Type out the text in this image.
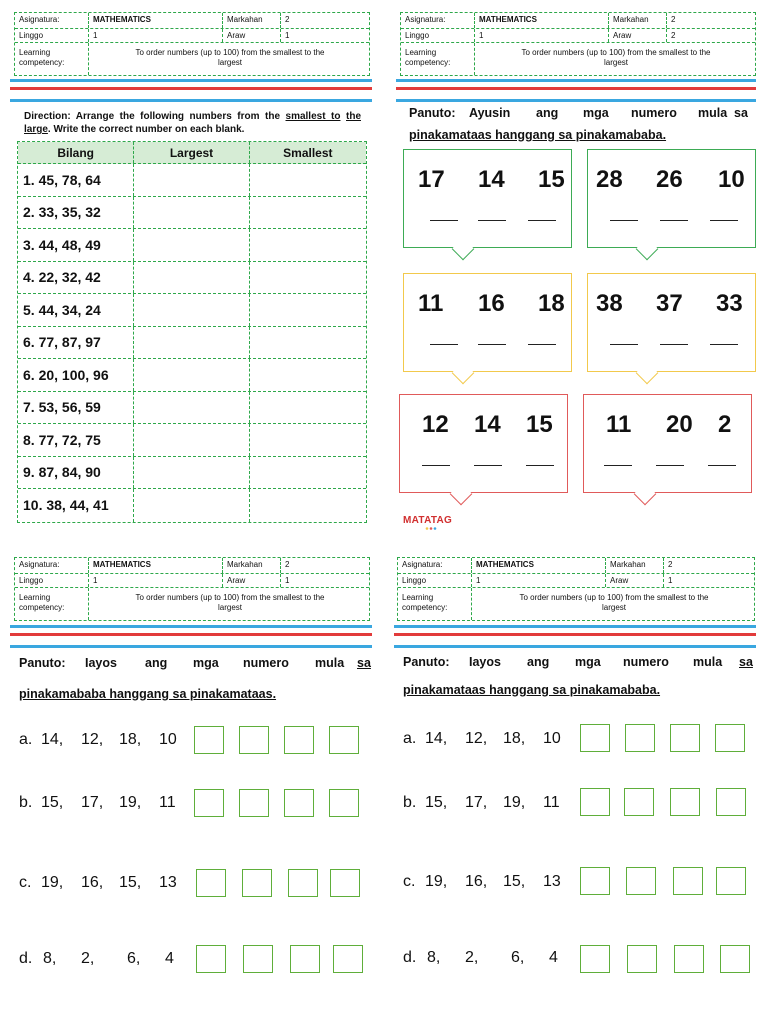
Asignatura:	MATHEMATICS	Markahan	2
Linggo	1	Araw	1
Learning
competency:
To order numbers (up to 100) from the smallest to the
largest
Direction: Arrange the following numbers from the smallest to the large. Write the correct number on each blank.
Bilang	Largest	Smallest
1. 45, 78, 64
2. 33, 35, 32
3. 44, 48, 49
4. 22, 32, 42
5. 44, 34, 24
6. 77, 87, 97
6. 20, 100, 96
7. 53, 56, 59
8. 77, 72, 75
9. 87, 84, 90
10. 38, 44, 41
Asignatura:	MATHEMATICS	Markahan	2
Linggo	1	Araw	2
Learning
competency:
To order numbers (up to 100) from the smallest to the
largest
Panuto: Ayusin ang mga numero mula sa
pinakamataas hanggang sa pinakamababa.
17 14 15 28 26 10
11 16 18 38 37 33
12 14 15 11 20 2
MATATAG
Asignatura:	MATHEMATICS	Markahan	2
Linggo	1	Araw	1
Learning
competency:
To order numbers (up to 100) from the smallest to the
largest
Panuto: Iayos ang mga numero mula sa
pinakamababa hanggang sa pinakamataas.
a. 14, 12, 18, 10
b. 15, 17, 19, 11
c. 19, 16, 15, 13
d. 8, 2, 6, 4
Asignatura:	MATHEMATICS	Markahan	2
Linggo	1	Araw	1
Learning
competency:
To order numbers (up to 100) from the smallest to the
largest
Panuto: Iayos ang mga numero mula sa
pinakamataas hanggang sa pinakamababa.
a. 14, 12, 18, 10
b. 15, 17, 19, 11
c. 19, 16, 15, 13
d. 8, 2, 6, 4
